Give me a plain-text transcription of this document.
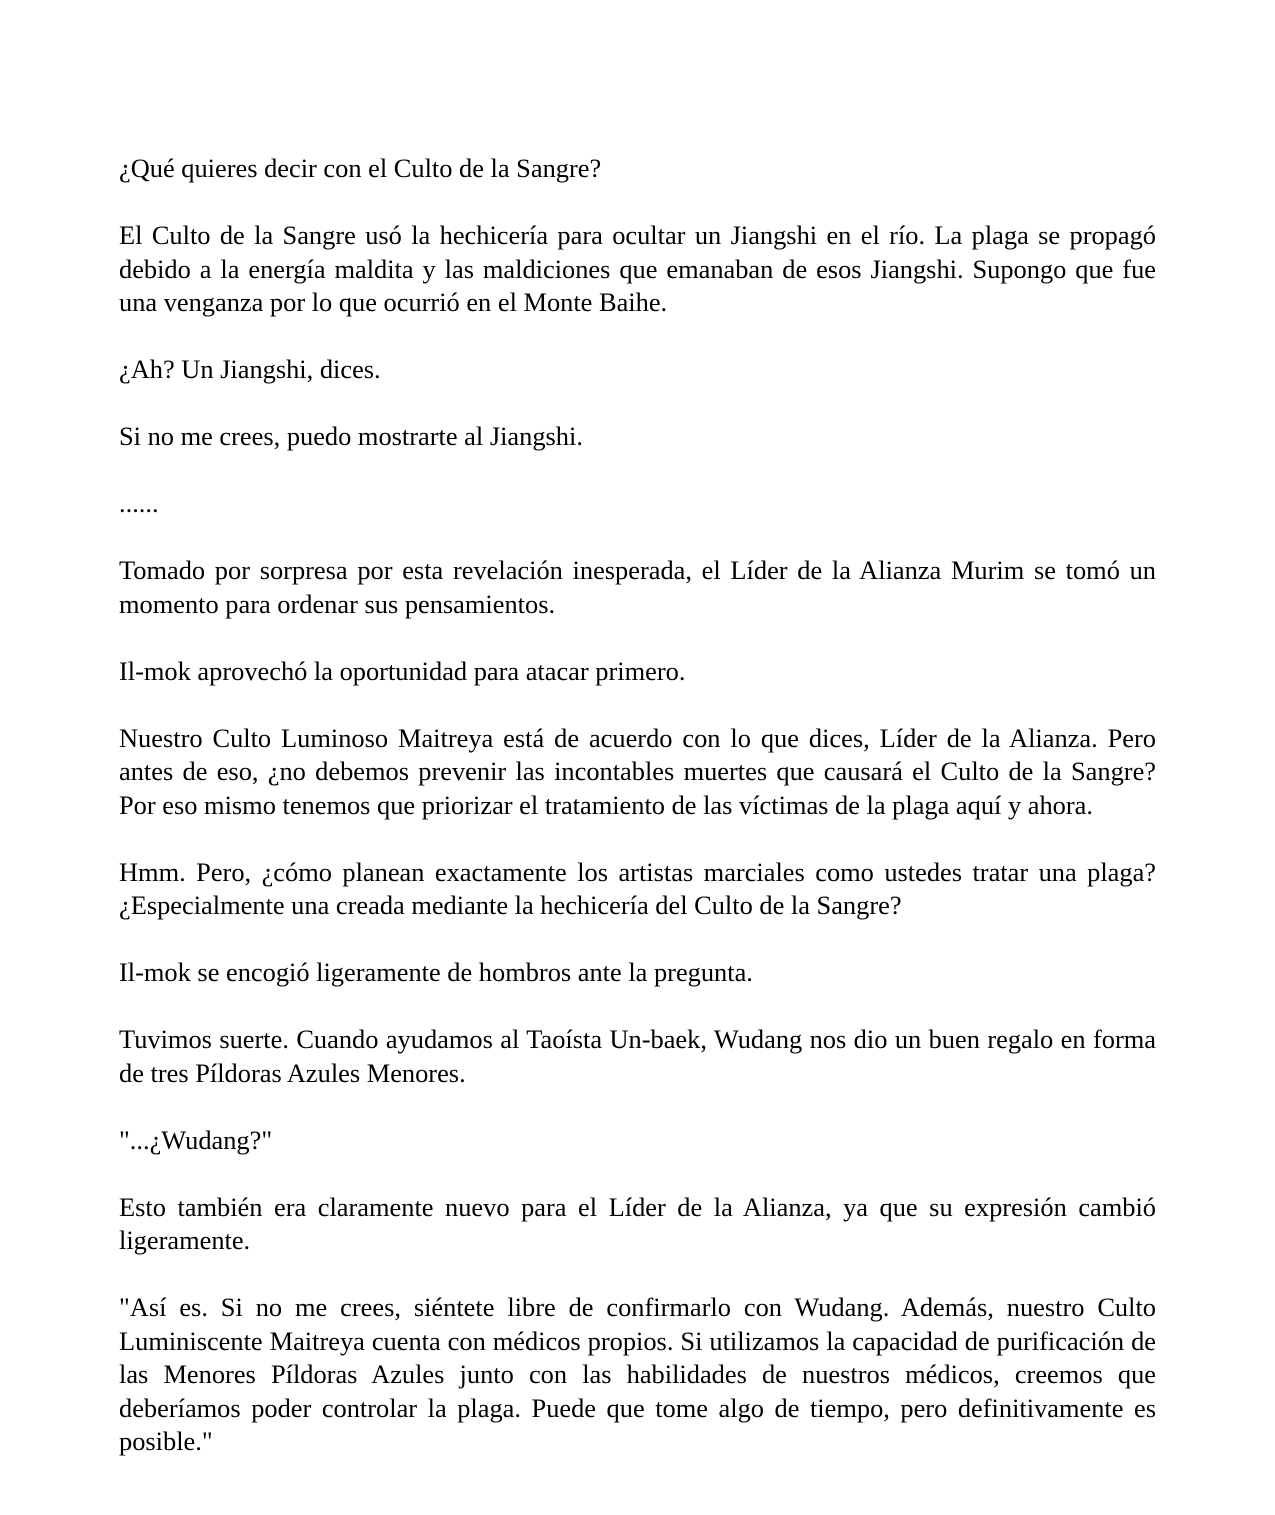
¿Qué quieres decir con el Culto de la Sangre?

El Culto de la Sangre usó la hechicería para ocultar un Jiangshi en el río. La plaga se propagó debido a la energía maldita y las maldiciones que emanaban de esos Jiangshi. Supongo que fue una venganza por lo que ocurrió en el Monte Baihe.

¿Ah? Un Jiangshi, dices.

Si no me crees, puedo mostrarte al Jiangshi.

......

Tomado por sorpresa por esta revelación inesperada, el Líder de la Alianza Murim se tomó un momento para ordenar sus pensamientos.

Il-mok aprovechó la oportunidad para atacar primero.

Nuestro Culto Luminoso Maitreya está de acuerdo con lo que dices, Líder de la Alianza. Pero antes de eso, ¿no debemos prevenir las incontables muertes que causará el Culto de la Sangre? Por eso mismo tenemos que priorizar el tratamiento de las víctimas de la plaga aquí y ahora.

Hmm. Pero, ¿cómo planean exactamente los artistas marciales como ustedes tratar una plaga? ¿Especialmente una creada mediante la hechicería del Culto de la Sangre?

Il-mok se encogió ligeramente de hombros ante la pregunta.

Tuvimos suerte. Cuando ayudamos al Taoísta Un-baek, Wudang nos dio un buen regalo en forma de tres Píldoras Azules Menores.

"...¿Wudang?"

Esto también era claramente nuevo para el Líder de la Alianza, ya que su expresión cambió ligeramente.

"Así es. Si no me crees, siéntete libre de confirmarlo con Wudang. Además, nuestro Culto Luminiscente Maitreya cuenta con médicos propios. Si utilizamos la capacidad de purificación de las Menores Píldoras Azules junto con las habilidades de nuestros médicos, creemos que deberíamos poder controlar la plaga. Puede que tome algo de tiempo, pero definitivamente es posible."
